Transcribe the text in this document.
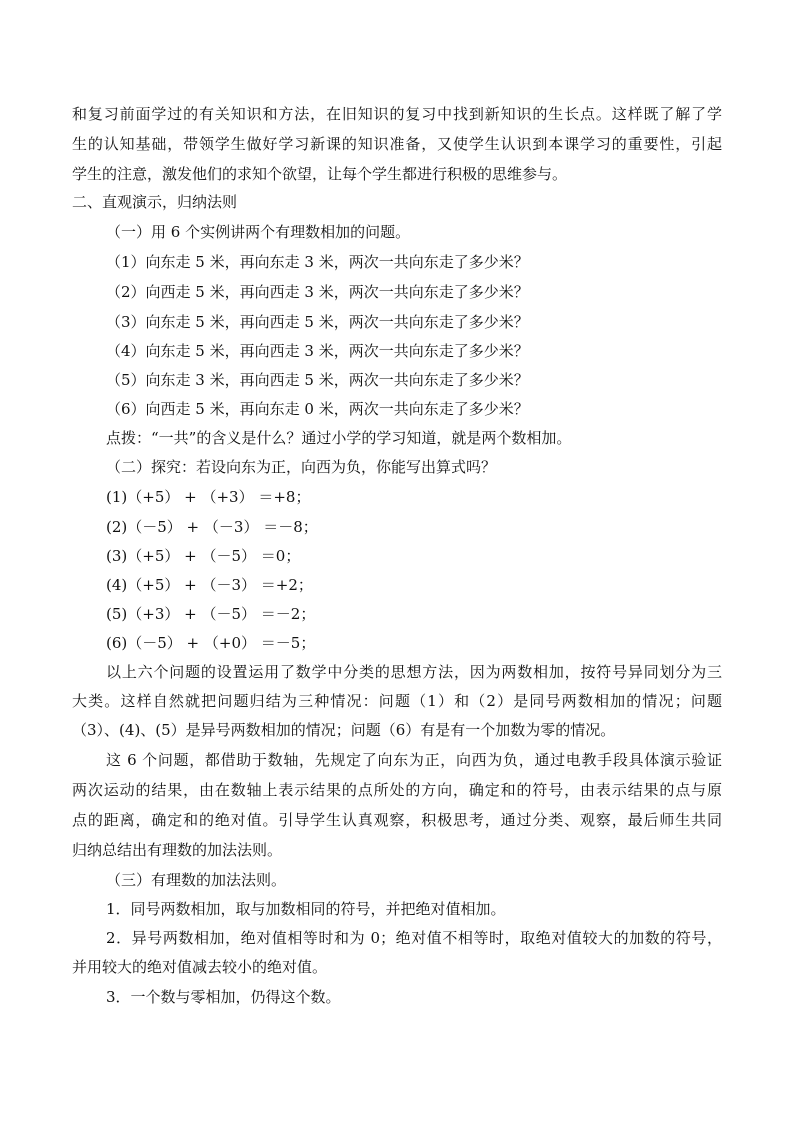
和复习前面学过的有关知识和方法，在旧知识的复习中找到新知识的生长点。这样既了解了学
生的认知基础，带领学生做好学习新课的知识准备，又使学生认识到本课学习的重要性，引起
学生的注意，激发他们的求知个欲望，让每个学生都进行积极的思维参与。
二、直观演示，归纳法则
（一）用 6 个实例讲两个有理数相加的问题。
（1）向东走 5 米，再向东走 3 米，两次一共向东走了多少米？
（2）向西走 5 米，再向西走 3 米，两次一共向东走了多少米？
（3）向东走 5 米，再向西走 5 米，两次一共向东走了多少米？
（4）向东走 5 米，再向西走 3 米，两次一共向东走了多少米？
（5）向东走 3 米，再向西走 5 米，两次一共向东走了多少米？
（6）向西走 5 米，再向东走 0 米，两次一共向东走了多少米？
点拨：“一共”的含义是什么？通过小学的学习知道，就是两个数相加。
（二）探究：若设向东为正，向西为负，你能写出算式吗？
(1)（+5） + （+3） ＝+8；
(2)（－5） + （－3） ＝－8；
(3)（+5） + （－5） ＝0；
(4)（+5） + （－3） ＝+2；
(5)（+3） + （－5） ＝－2；
(6)（－5） + （+0） ＝－5；
以上六个问题的设置运用了数学中分类的思想方法，因为两数相加，按符号异同划分为三
大类。这样自然就把问题归结为三种情况：问题（1）和（2）是同号两数相加的情况；问题
（3）、(4)、(5）是异号两数相加的情况；问题（6）有是有一个加数为零的情况。
这 6 个问题，都借助于数轴，先规定了向东为正，向西为负，通过电教手段具体演示验证
两次运动的结果，由在数轴上表示结果的点所处的方向，确定和的符号，由表示结果的点与原
点的距离，确定和的绝对值。引导学生认真观察，积极思考，通过分类、观察，最后师生共同
归纳总结出有理数的加法法则。
（三）有理数的加法法则。
1．同号两数相加，取与加数相同的符号，并把绝对值相加。
2．异号两数相加，绝对值相等时和为 0；绝对值不相等时，取绝对值较大的加数的符号，
并用较大的绝对值减去较小的绝对值。
3．一个数与零相加，仍得这个数。
